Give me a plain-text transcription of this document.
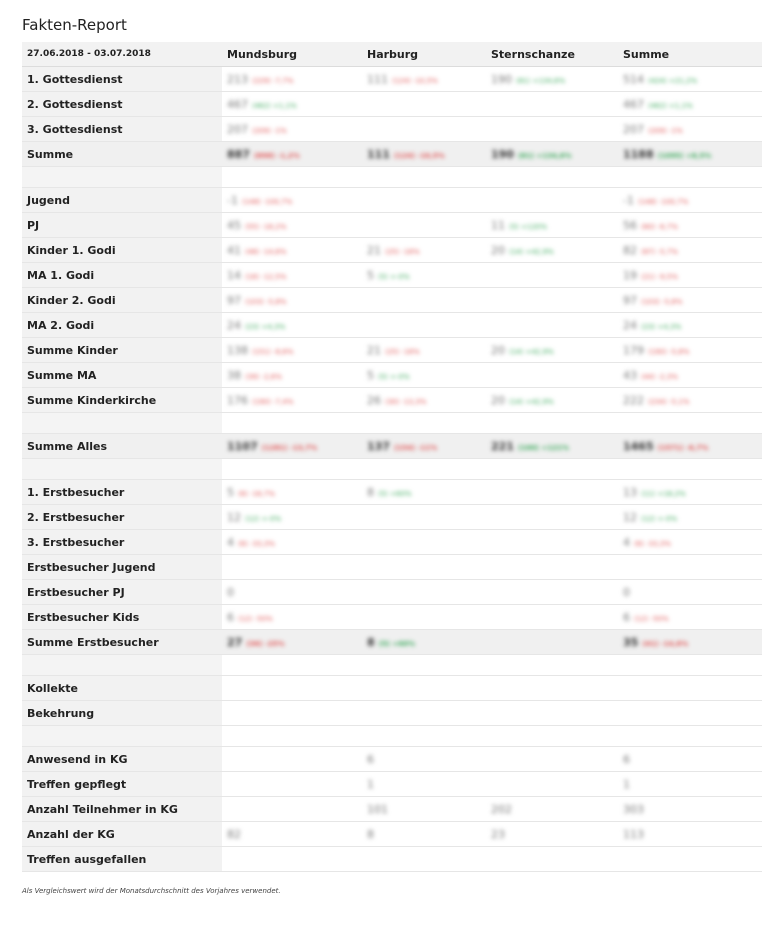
Fakten-Report
27.06.2018 - 03.07.2018	Mundsburg	Harburg	Sternschanze	Summe
1. Gottesdienst	213 (229) -7,7%	111 (124) -10,5%	190 (81) +134,6%	514 (424) +21,2%
2. Gottesdienst	467 (462) +1,1%			467 (462) +1,1%
3. Gottesdienst	207 (209) -1%			207 (209) -1%
Summe	887 (898) -1,2%	111 (124) -10,5%	190 (81) +134,6%	1188 (1095) +8,5%

Jugend	-1 (148) -100,7%			-1 (148) -100,7%
PJ	45 (55) -18,2%		11 (5) +120%	56 (60) -6,7%
Kinder 1. Godi	41 (48) -14,6%	21 (25) -16%	20 (14) +42,9%	82 (87) -5,7%
MA 1. Godi	14 (16) -12,5%	5 (5) +-0%		19 (21) -9,5%
Kinder 2. Godi	97 (103) -5,8%			97 (103) -5,8%
MA 2. Godi	24 (23) +4,3%			24 (23) +4,3%
Summe Kinder	138 (151) -8,6%	21 (25) -16%	20 (14) +42,9%	179 (190) -5,8%
Summe MA	38 (39) -2,6%	5 (5) +-0%		43 (44) -2,3%
Summe Kinderkirche	176 (190) -7,4%	26 (30) -13,3%	20 (14) +42,9%	222 (234) -5,1%

Summe Alles	1107 (1281) -13,7%	137 (154) -11%	221 (100) +121%	1465 (1571) -6,7%

1. Erstbesucher	5 (6) -16,7%	8 (5) +60%		13 (11) +18,2%
2. Erstbesucher	12 (12) +-0%			12 (12) +-0%
3. Erstbesucher	4 (6) -33,3%			4 (6) -33,3%
Erstbesucher Jugend				
Erstbesucher PJ	0			0
Erstbesucher Kids	6 (12) -50%			6 (12) -50%
Summe Erstbesucher	27 (36) -25%	8 (5) +60%		35 (41) -14,6%

Kollekte				
Bekehrung				

Anwesend in KG		6		6
Treffen gepflegt		1		1
Anzahl Teilnehmer in KG		101	202	303
Anzahl der KG	82	8	23	113
Treffen ausgefallen				
Als Vergleichswert wird der Monatsdurchschnitt des Vorjahres verwendet.
